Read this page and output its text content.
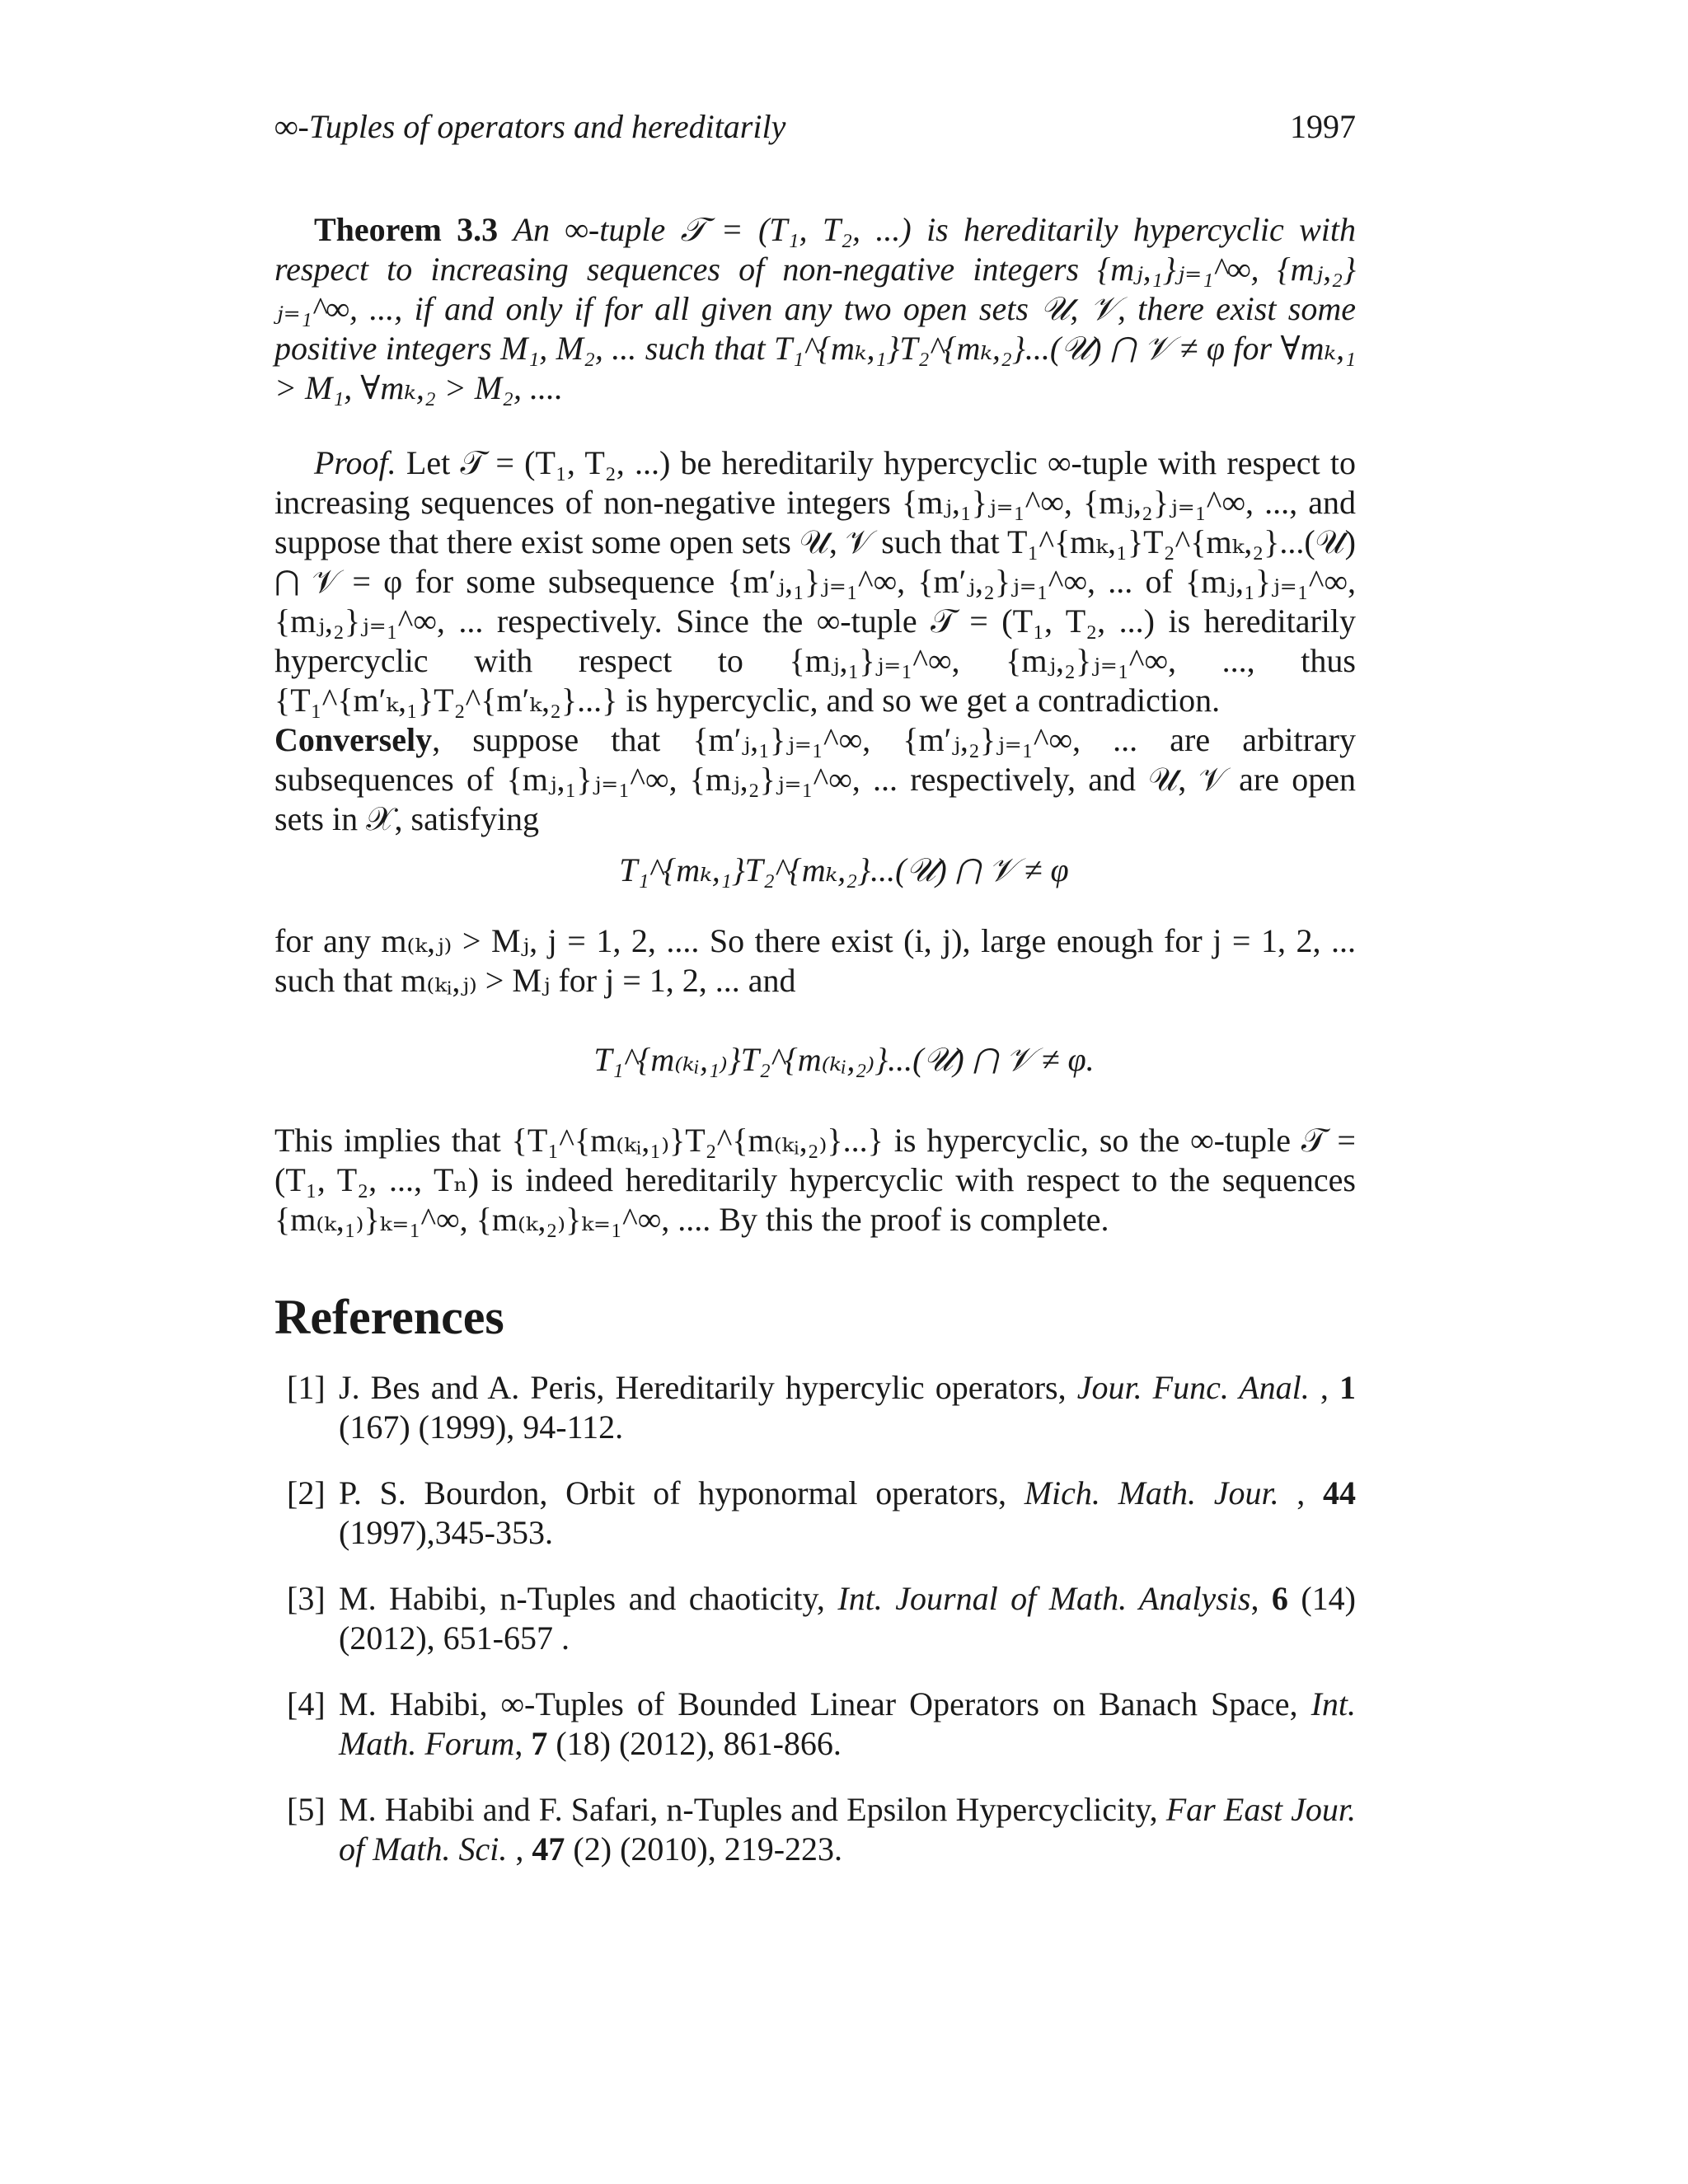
∞-Tuples of operators and hereditarily	1997

Theorem 3.3 An ∞-tuple 𝒯 = (T₁, T₂, ...) is hereditarily hypercyclic with respect to increasing sequences of non-negative integers {mⱼ,₁}ⱼ₌₁^∞, {mⱼ,₂}ⱼ₌₁^∞, ..., if and only if for all given any two open sets 𝒰, 𝒱, there exist some positive integers M₁, M₂, ... such that T₁^{mₖ,₁}T₂^{mₖ,₂}...(𝒰) ⋂ 𝒱 ≠ φ for ∀mₖ,₁ > M₁, ∀mₖ,₂ > M₂, ....

Proof. Let 𝒯 = (T₁, T₂, ...) be hereditarily hypercyclic ∞-tuple with respect to increasing sequences of non-negative integers {mⱼ,₁}ⱼ₌₁^∞, {mⱼ,₂}ⱼ₌₁^∞, ..., and suppose that there exist some open sets 𝒰, 𝒱 such that T₁^{mₖ,₁}T₂^{mₖ,₂}...(𝒰) ⋂ 𝒱 = φ for some subsequence {m′ⱼ,₁}ⱼ₌₁^∞, {m′ⱼ,₂}ⱼ₌₁^∞, ... of {mⱼ,₁}ⱼ₌₁^∞, {mⱼ,₂}ⱼ₌₁^∞, ... respectively. Since the ∞-tuple 𝒯 = (T₁, T₂, ...) is hereditarily hypercyclic with respect to {mⱼ,₁}ⱼ₌₁^∞, {mⱼ,₂}ⱼ₌₁^∞, ..., thus {T₁^{m′ₖ,₁}T₂^{m′ₖ,₂}...} is hypercyclic, and so we get a contradiction.

Conversely, suppose that {m′ⱼ,₁}ⱼ₌₁^∞, {m′ⱼ,₂}ⱼ₌₁^∞, ... are arbitrary subsequences of {mⱼ,₁}ⱼ₌₁^∞, {mⱼ,₂}ⱼ₌₁^∞, ... respectively, and 𝒰, 𝒱 are open sets in 𝒳, satisfying

T₁^{mₖ,₁}T₂^{mₖ,₂}...(𝒰) ⋂ 𝒱 ≠ φ

for any m₍ₖ,ⱼ₎ > Mⱼ, j = 1, 2, .... So there exist (i, j), large enough for j = 1, 2, ... such that m₍ₖᵢ,ⱼ₎ > Mⱼ for j = 1, 2, ... and

T₁^{m₍ₖᵢ,₁₎}T₂^{m₍ₖᵢ,₂₎}...(𝒰) ⋂ 𝒱 ≠ φ.

This implies that {T₁^{m₍ₖᵢ,₁₎}T₂^{m₍ₖᵢ,₂₎}...} is hypercyclic, so the ∞-tuple 𝒯 = (T₁, T₂, ..., Tₙ) is indeed hereditarily hypercyclic with respect to the sequences {m₍ₖ,₁₎}ₖ₌₁^∞, {m₍ₖ,₂₎}ₖ₌₁^∞, .... By this the proof is complete.

References
[1] J. Bes and A. Peris, Hereditarily hypercylic operators, Jour. Func. Anal. , 1 (167) (1999), 94-112.
[2] P. S. Bourdon, Orbit of hyponormal operators, Mich. Math. Jour. , 44 (1997),345-353.
[3] M. Habibi, n-Tuples and chaoticity, Int. Journal of Math. Analysis, 6 (14) (2012), 651-657 .
[4] M. Habibi, ∞-Tuples of Bounded Linear Operators on Banach Space, Int. Math. Forum, 7 (18) (2012), 861-866.
[5] M. Habibi and F. Safari, n-Tuples and Epsilon Hypercyclicity, Far East Jour. of Math. Sci. , 47 (2) (2010), 219-223.
